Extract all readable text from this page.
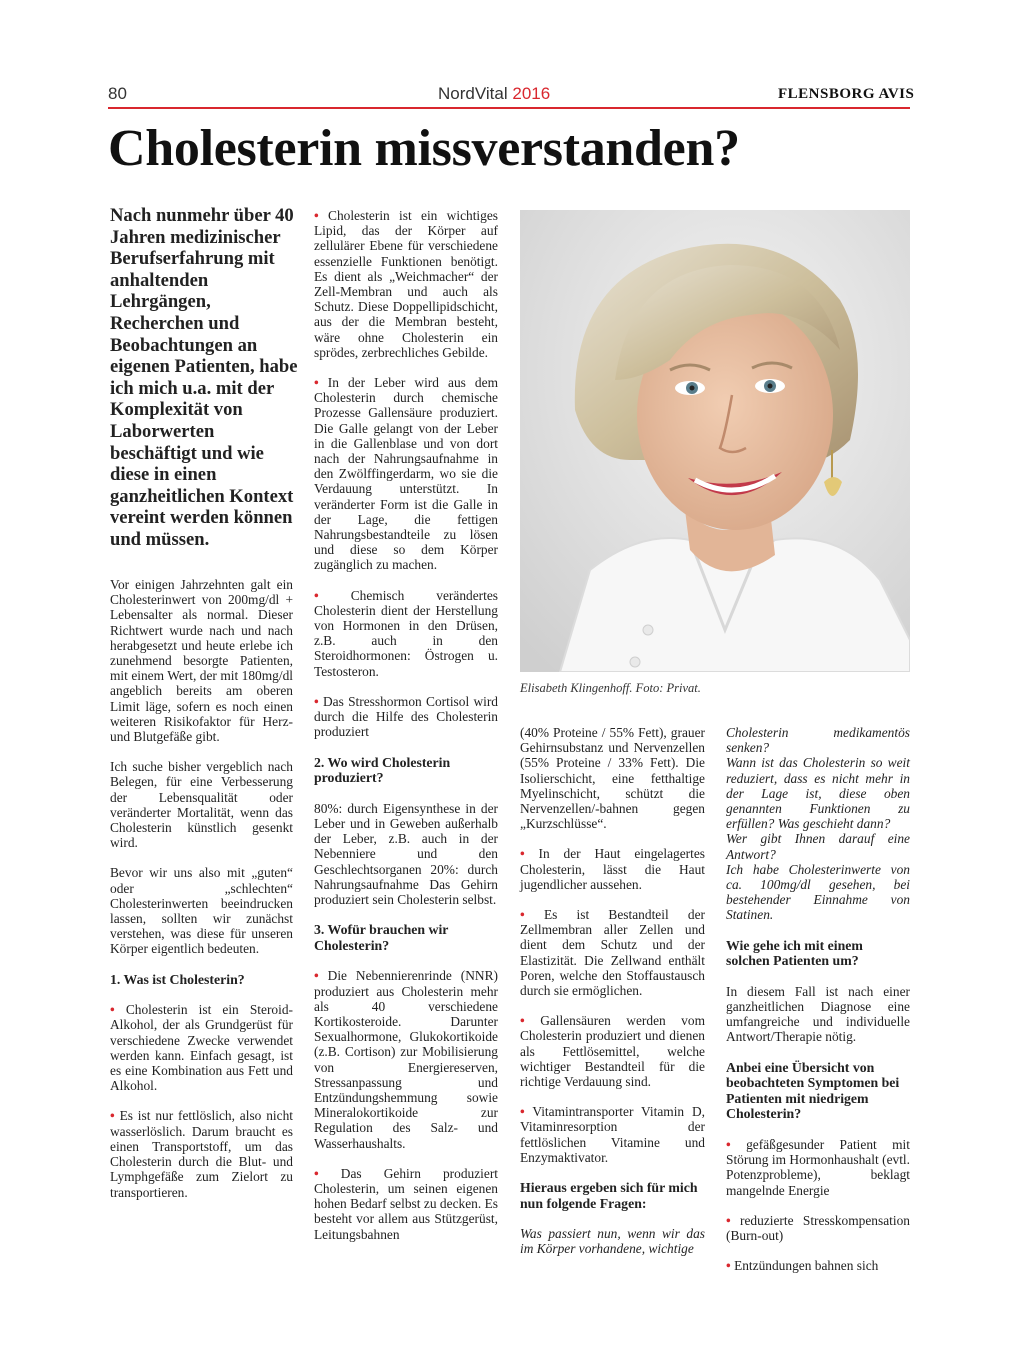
80	NordVital 2016	FLENSBORG AVIS
Cholesterin missverstanden?

Nach nunmehr über 40 Jahren medizinischer Berufserfahrung mit anhaltenden Lehrgängen, Recherchen und Beobachtungen an eigenen Patienten, habe ich mich u.a. mit der Komplexität von Laborwerten beschäftigt und wie diese in einen ganzheitlichen Kontext vereint werden können und müssen.

Vor einigen Jahrzehnten galt ein Cholesterinwert von 200mg/dl + Lebensalter als normal. Dieser Richtwert wurde nach und nach herabgesetzt und heute erlebe ich zunehmend besorgte Patienten, mit einem Wert, der mit 180mg/dl angeblich bereits am oberen Limit läge, sofern es noch einen weiteren Risikofaktor für Herz- und Blutgefäße gibt.

Ich suche bisher vergeblich nach Belegen, für eine Verbesserung der Lebensqualität oder veränderter Mortalität, wenn das Cholesterin künstlich gesenkt wird.

Bevor wir uns also mit „guten“ oder „schlechten“ Cholesterinwerten beeindrucken lassen, sollten wir zunächst verstehen, was diese für unseren Körper eigentlich bedeuten.

1. Was ist Cholesterin?

• Cholesterin ist ein Steroid-Alkohol, der als Grundgerüst für verschiedene Zwecke verwendet werden kann. Einfach gesagt, ist es eine Kombination aus Fett und Alkohol.

• Es ist nur fettlöslich, also nicht wasserlöslich. Darum braucht es einen Transportstoff, um das Cholesterin durch die Blut- und Lymphgefäße zum Zielort zu transportieren.

• Cholesterin ist ein wichtiges Lipid, das der Körper auf zellulärer Ebene für verschiedene essenzielle Funktionen benötigt. Es dient als „Weichmacher“ der Zell-Membran und auch als Schutz. Diese Doppellipidschicht, aus der die Membran besteht, wäre ohne Cholesterin ein sprödes, zerbrechliches Gebilde.

• In der Leber wird aus dem Cholesterin durch chemische Prozesse Gallensäure produziert. Die Galle gelangt von der Leber in die Gallenblase und von dort nach der Nahrungsaufnahme in den Zwölffingerdarm, wo sie die Verdauung unterstützt. In veränderter Form ist die Galle in der Lage, die fettigen Nahrungsbestandteile zu lösen und diese so dem Körper zugänglich zu machen.

• Chemisch verändertes Cholesterin dient der Herstellung von Hormonen in den Drüsen, z.B. auch in den Steroidhormonen: Östrogen u. Testosteron.

• Das Stresshormon Cortisol wird durch die Hilfe des Cholesterin produziert

2. Wo wird Cholesterin produziert?

80%: durch Eigensynthese in der Leber und in Geweben außerhalb der Leber, z.B. auch in der Nebenniere und den Geschlechtsorganen 20%: durch Nahrungsaufnahme Das Gehirn produziert sein Cholesterin selbst.

3. Wofür brauchen wir Cholesterin?

• Die Nebennierenrinde (NNR) produziert aus Cholesterin mehr als 40 verschiedene Kortikosteroide. Darunter Sexualhormone, Glukokortikoide (z.B. Cortison) zur Mobilisierung von Energiereserven, Stressanpassung und Entzündungshemmung sowie Mineralokortikoide zur Regulation des Salz- und Wasserhaushalts.

• Das Gehirn produziert Cholesterin, um seinen eigenen hohen Bedarf selbst zu decken. Es besteht vor allem aus Stützgerüst, Leitungsbahnen

Elisabeth Klingenhoff. Foto: Privat.

(40% Proteine / 55% Fett), grauer Gehirnsubstanz und Nervenzellen (55% Proteine / 33% Fett). Die Isolierschicht, eine fetthaltige Myelinschicht, schützt die Nervenzellen/-bahnen gegen „Kurzschlüsse“.

• In der Haut eingelagertes Cholesterin, lässt die Haut jugendlicher aussehen.

• Es ist Bestandteil der Zellmembran aller Zellen und dient dem Schutz und der Elastizität. Die Zellwand enthält Poren, welche den Stoffaustausch durch sie ermöglichen.

• Gallensäuren werden vom Cholesterin produziert und dienen als Fettlösemittel, welche wichtiger Bestandteil für die richtige Verdauung sind.

• Vitamintransporter Vitamin D, Vitaminresorption der fettlöslichen Vitamine und Enzymaktivator.

Hieraus ergeben sich für mich nun folgende Fragen:

Was passiert nun, wenn wir das im Körper vorhandene, wichtige

Cholesterin medikamentös senken?

Wann ist das Cholesterin so weit reduziert, dass es nicht mehr in der Lage ist, diese oben genannten Funktionen zu erfüllen? Was geschieht dann?

Wer gibt Ihnen darauf eine Antwort?

Ich habe Cholesterinwerte von ca. 100mg/dl gesehen, bei bestehender Einnahme von Statinen.

Wie gehe ich mit einem solchen Patienten um?

In diesem Fall ist nach einer ganzheitlichen Diagnose eine umfangreiche und individuelle Antwort/Therapie nötig.

Anbei eine Übersicht von beobachteten Symptomen bei Patienten mit niedrigem Cholesterin?

• gefäßgesunder Patient mit Störung im Hormonhaushalt (evtl. Potenzprobleme), beklagt mangelnde Energie

• reduzierte Stresskompensation (Burn-out)

• Entzündungen bahnen sich
